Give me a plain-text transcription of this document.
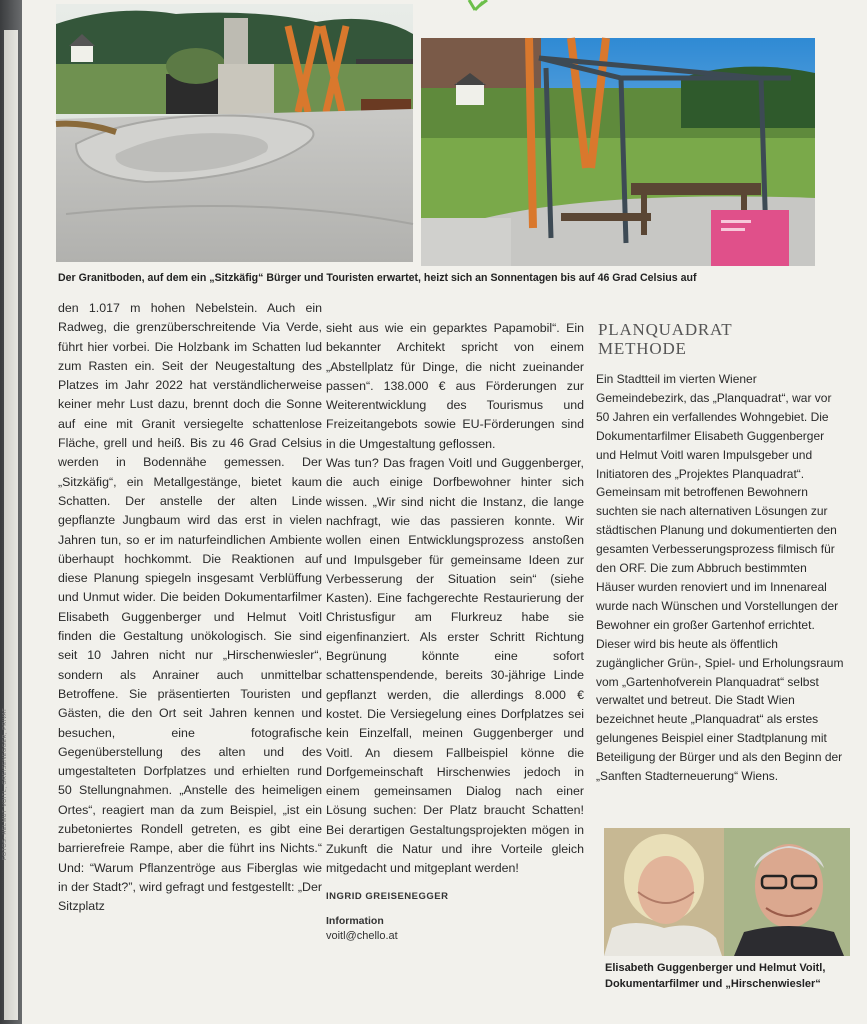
Der Granitboden, auf dem ein „Sitzkäfig“ Bürger und Touristen erwartet, heizt sich an Sonnentagen bis auf 46 Grad Celsius auf
FOTOS: HELMUT VOITL, GREISENEGGER, PRIVAT

den 1.017 m hohen Nebelstein. Auch ein Radweg, die grenzüberschreitende Via Verde, führt hier vorbei. Die Holzbank im Schatten lud zum Rasten ein. Seit der Neugestaltung des Platzes im Jahr 2022 hat verständlicherweise keiner mehr Lust dazu, brennt doch die Sonne auf eine mit Granit versiegelte schattenlose Fläche, grell und heiß. Bis zu 46 Grad Celsius werden in Bodennähe gemessen. Der „Sitzkäfig“, ein Metallgestänge, bietet kaum Schatten. Der anstelle der alten Linde gepflanzte Jungbaum wird das erst in vielen Jahren tun, so er im naturfeindlichen Ambiente überhaupt hochkommt. Die Reaktionen auf diese Planung spiegeln insgesamt Verblüffung und Unmut wider. Die beiden Dokumentarfilmer Elisabeth Guggenberger und Helmut Voitl finden die Gestaltung unökologisch. Sie sind seit 10 Jahren nicht nur „Hirschenwiesler“, sondern als Anrainer auch unmittelbar Betroffene. Sie präsentierten Touristen und Gästen, die den Ort seit Jahren kennen und besuchen, eine fotografische Gegenüberstellung des alten und des umgestalteten Dorfplatzes und erhielten rund 50 Stellungnahmen. „Anstelle des heimeligen Ortes“, reagiert man da zum Beispiel, „ist ein zubetoniertes Rondell getreten, es gibt eine barrierefreie Rampe, aber die führt ins Nichts.“ Und: “Warum Pflanzentröge aus Fiberglas wie in der Stadt?”, wird gefragt und festgestellt: „Der Sitzplatz

sieht aus wie ein geparktes Papamobil“. Ein bekannter Architekt spricht von einem „Abstellplatz für Dinge, die nicht zueinander passen“. 138.000 € aus Förderungen zur Weiterentwicklung des Tourismus und Freizeitangebots sowie EU-Förderungen sind in die Umgestaltung geflossen.

Was tun? Das fragen Voitl und Guggenberger, die auch einige Dorfbewohner hinter sich wissen. „Wir sind nicht die Instanz, die lange nachfragt, wie das passieren konnte. Wir wollen einen Entwicklungsprozess anstoßen und Impulsgeber für gemeinsame Ideen zur Verbesserung der Situation sein“ (siehe Kasten). Eine fachgerechte Restaurierung der Christusfigur am Flurkreuz habe sie eigenfinanziert. Als erster Schritt Richtung Begrünung könnte eine sofort schattenspendende, bereits 30-jährige Linde gepflanzt werden, die allerdings 8.000 € kostet. Die Versiegelung eines Dorfplatzes sei kein Einzelfall, meinen Guggenberger und Voitl. An diesem Fallbeispiel könne die Dorfgemeinschaft Hirschenwies jedoch in einem gemeinsamen Dialog nach einer Lösung suchen: Der Platz braucht Schatten! Bei derartigen Gestaltungsprojekten mögen in Zukunft die Natur und ihre Vorteile gleich mitgedacht und mitgeplant werden!

INGRID GREISENEGGER
Information
voitl@chello.at
PLANQUADRAT
METHODE

Ein Stadtteil im vierten Wiener Gemeindebezirk, das „Planquadrat“, war vor 50 Jahren ein verfallendes Wohngebiet. Die Dokumentarfilmer Elisabeth Guggenberger und Helmut Voitl waren Impulsgeber und Initiatoren des „Projektes Planquadrat“. Gemeinsam mit betroffenen Bewohnern suchten sie nach alternativen Lösungen zur städtischen Planung und dokumentierten den gesamten Verbesserungsprozess filmisch für den ORF. Die zum Abbruch bestimmten Häuser wurden renoviert und im Innenareal wurde nach Wünschen und Vorstellungen der Bewohner ein großer Gartenhof errichtet. Dieser wird bis heute als öffentlich zugänglicher Grün-, Spiel- und Erholungsraum vom „Gartenhofverein Planquadrat“ selbst verwaltet und betreut. Die Stadt Wien bezeichnet heute „Planquadrat“ als erstes gelungenes Beispiel einer Stadtplanung mit Beteiligung der Bürger und als den Beginn der „Sanften Stadterneuerung“ Wiens.

Elisabeth Guggenberger und Helmut Voitl,
Dokumentarfilmer und „Hirschenwiesler“
